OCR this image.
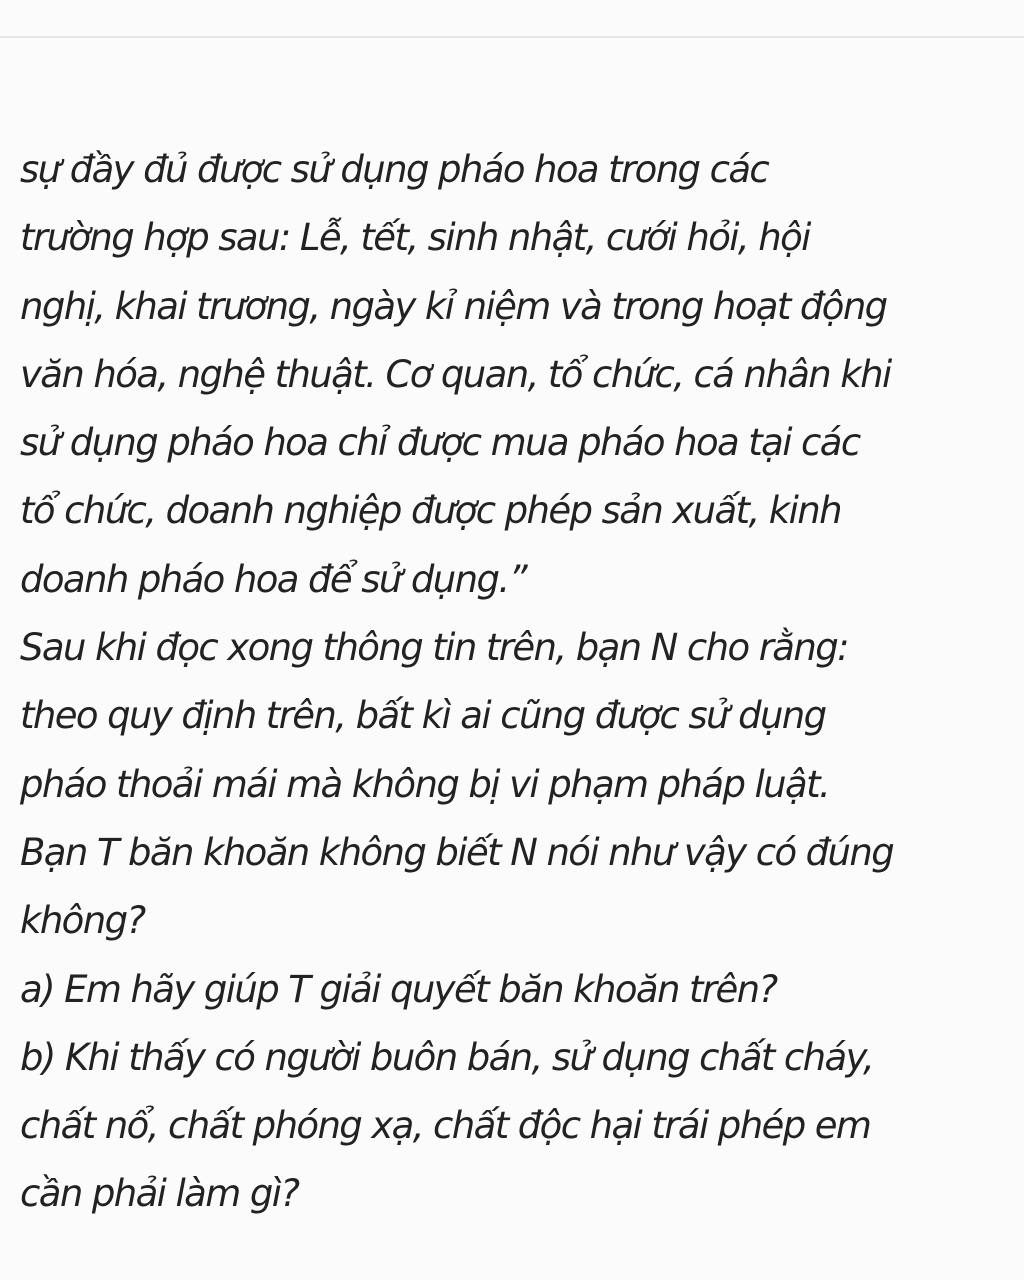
sự đầy đủ được sử dụng pháo hoa trong các
trường hợp sau: Lễ, tết, sinh nhật, cưới hỏi, hội
nghị, khai trương, ngày kỉ niệm và trong hoạt động
văn hóa, nghệ thuật. Cơ quan, tổ chức, cá nhân khi
sử dụng pháo hoa chỉ được mua pháo hoa tại các
tổ chức, doanh nghiệp được phép sản xuất, kinh
doanh pháo hoa để sử dụng.”
Sau khi đọc xong thông tin trên, bạn N cho rằng:
theo quy định trên, bất kì ai cũng được sử dụng
pháo thoải mái mà không bị vi phạm pháp luật.
Bạn T băn khoăn không biết N nói như vậy có đúng
không?
a) Em hãy giúp T giải quyết băn khoăn trên?
b) Khi thấy có người buôn bán, sử dụng chất cháy,
chất nổ, chất phóng xạ, chất độc hại trái phép em
cần phải làm gì?
